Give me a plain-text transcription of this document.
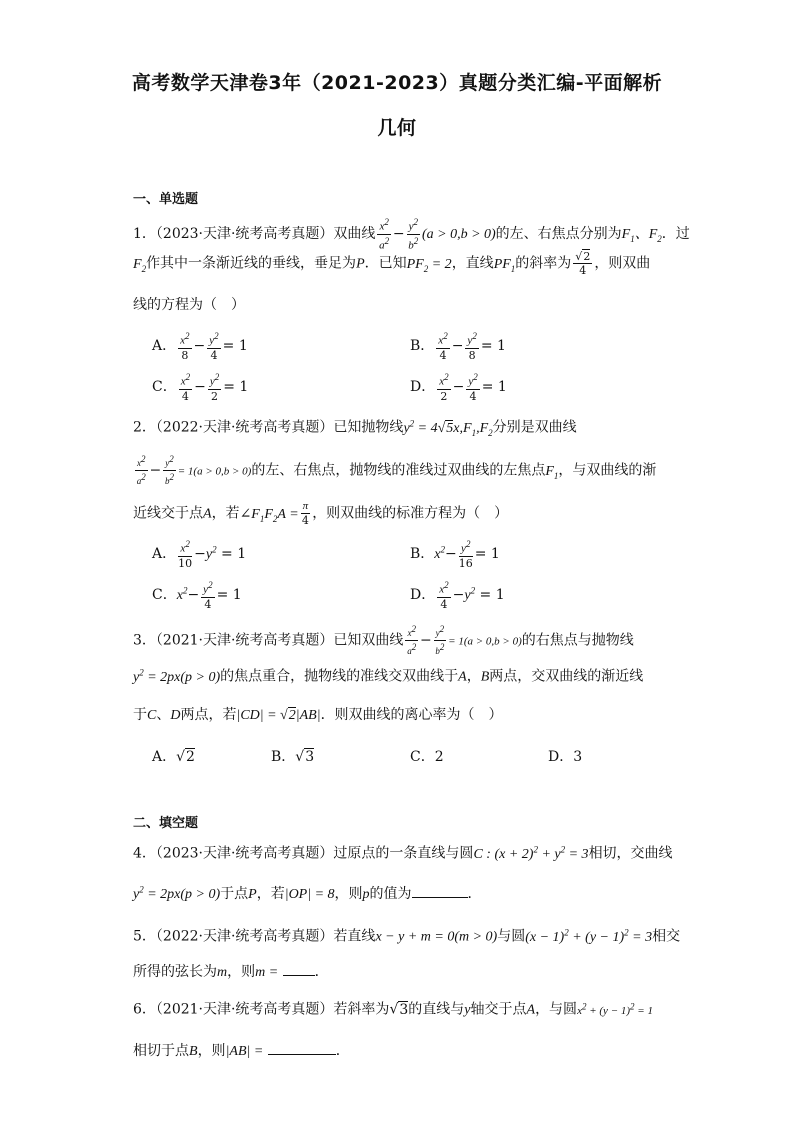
高考数学天津卷3年（2021-2023）真题分类汇编-平面解析
几何
一、单选题
1．（2023·天津·统考高考真题）双曲线 $\frac{x^2}{a^2} - \frac{y^2}{b^2} (a > 0,b > 0)$的左、右焦点分别为$F_1$、$F_2$．过
$F_2$作其中一条渐近线的垂线，垂足为P．已知$PF_2 = 2$，直线$PF_1$的斜率为 $\frac{√2}{4}$ ，则双曲
线的方程为（　）
A． $\frac{x^2}{8} - \frac{y^2}{4} = 1$	B． $\frac{x^2}{4} - \frac{y^2}{8} = 1$
C． $\frac{x^2}{4} - \frac{y^2}{2} = 1$	D． $\frac{x^2}{2} - \frac{y^2}{4} = 1$
2．（2022·天津·统考高考真题）已知抛物线$y^2 = 4√5x,F_1,F_2$分别是双曲线
$\frac{x^2}{a^2} - \frac{y^2}{b^2} = 1(a > 0,b > 0)$的左、右焦点，抛物线的准线过双曲线的左焦点$F_1$，与双曲线的渐
近线交于点A，若$\angle F_1F_2A = \frac{\pi}{4}$ ，则双曲线的标准方程为（　）
A． $\frac{x^2}{10} -y^2 = 1$	B．$x^2- \frac{y^2}{16} = 1$
C．$x^2- \frac{y^2}{4} = 1$	D． $\frac{x^2}{4} -y^2 = 1$
3．（2021·天津·统考高考真题）已知双曲线 $\frac{x^2}{a^2} - \frac{y^2}{b^2} = 1(a > 0,b > 0)$的右焦点与抛物线
$y^2 = 2px(p > 0)$的焦点重合，抛物线的准线交双曲线于A，B两点，交双曲线的渐近线
于C、D两点，若|CD| = √2|AB|．则双曲线的离心率为（　）
A．√2	B．√3	C．2	D．3
二、填空题
4．（2023·天津·统考高考真题）过原点的一条直线与圆C : $(x + 2)^2 + y^2 = 3$相切，交曲线
$y^2 = 2px(p > 0)$于点P，若|OP| = 8，则p的值为	．
5．（2022·天津·统考高考真题）若直线x − y + m = 0(m > 0)与圆$(x - 1)^2 + (y - 1)^2 = 3$相交
所得的弦长为m，则m =	．
6．（2021·天津·统考高考真题）若斜率为√3的直线与y轴交于点A，与圆$x^2 + (y - 1)^2 = 1$
相切于点B，则|AB| =	．
